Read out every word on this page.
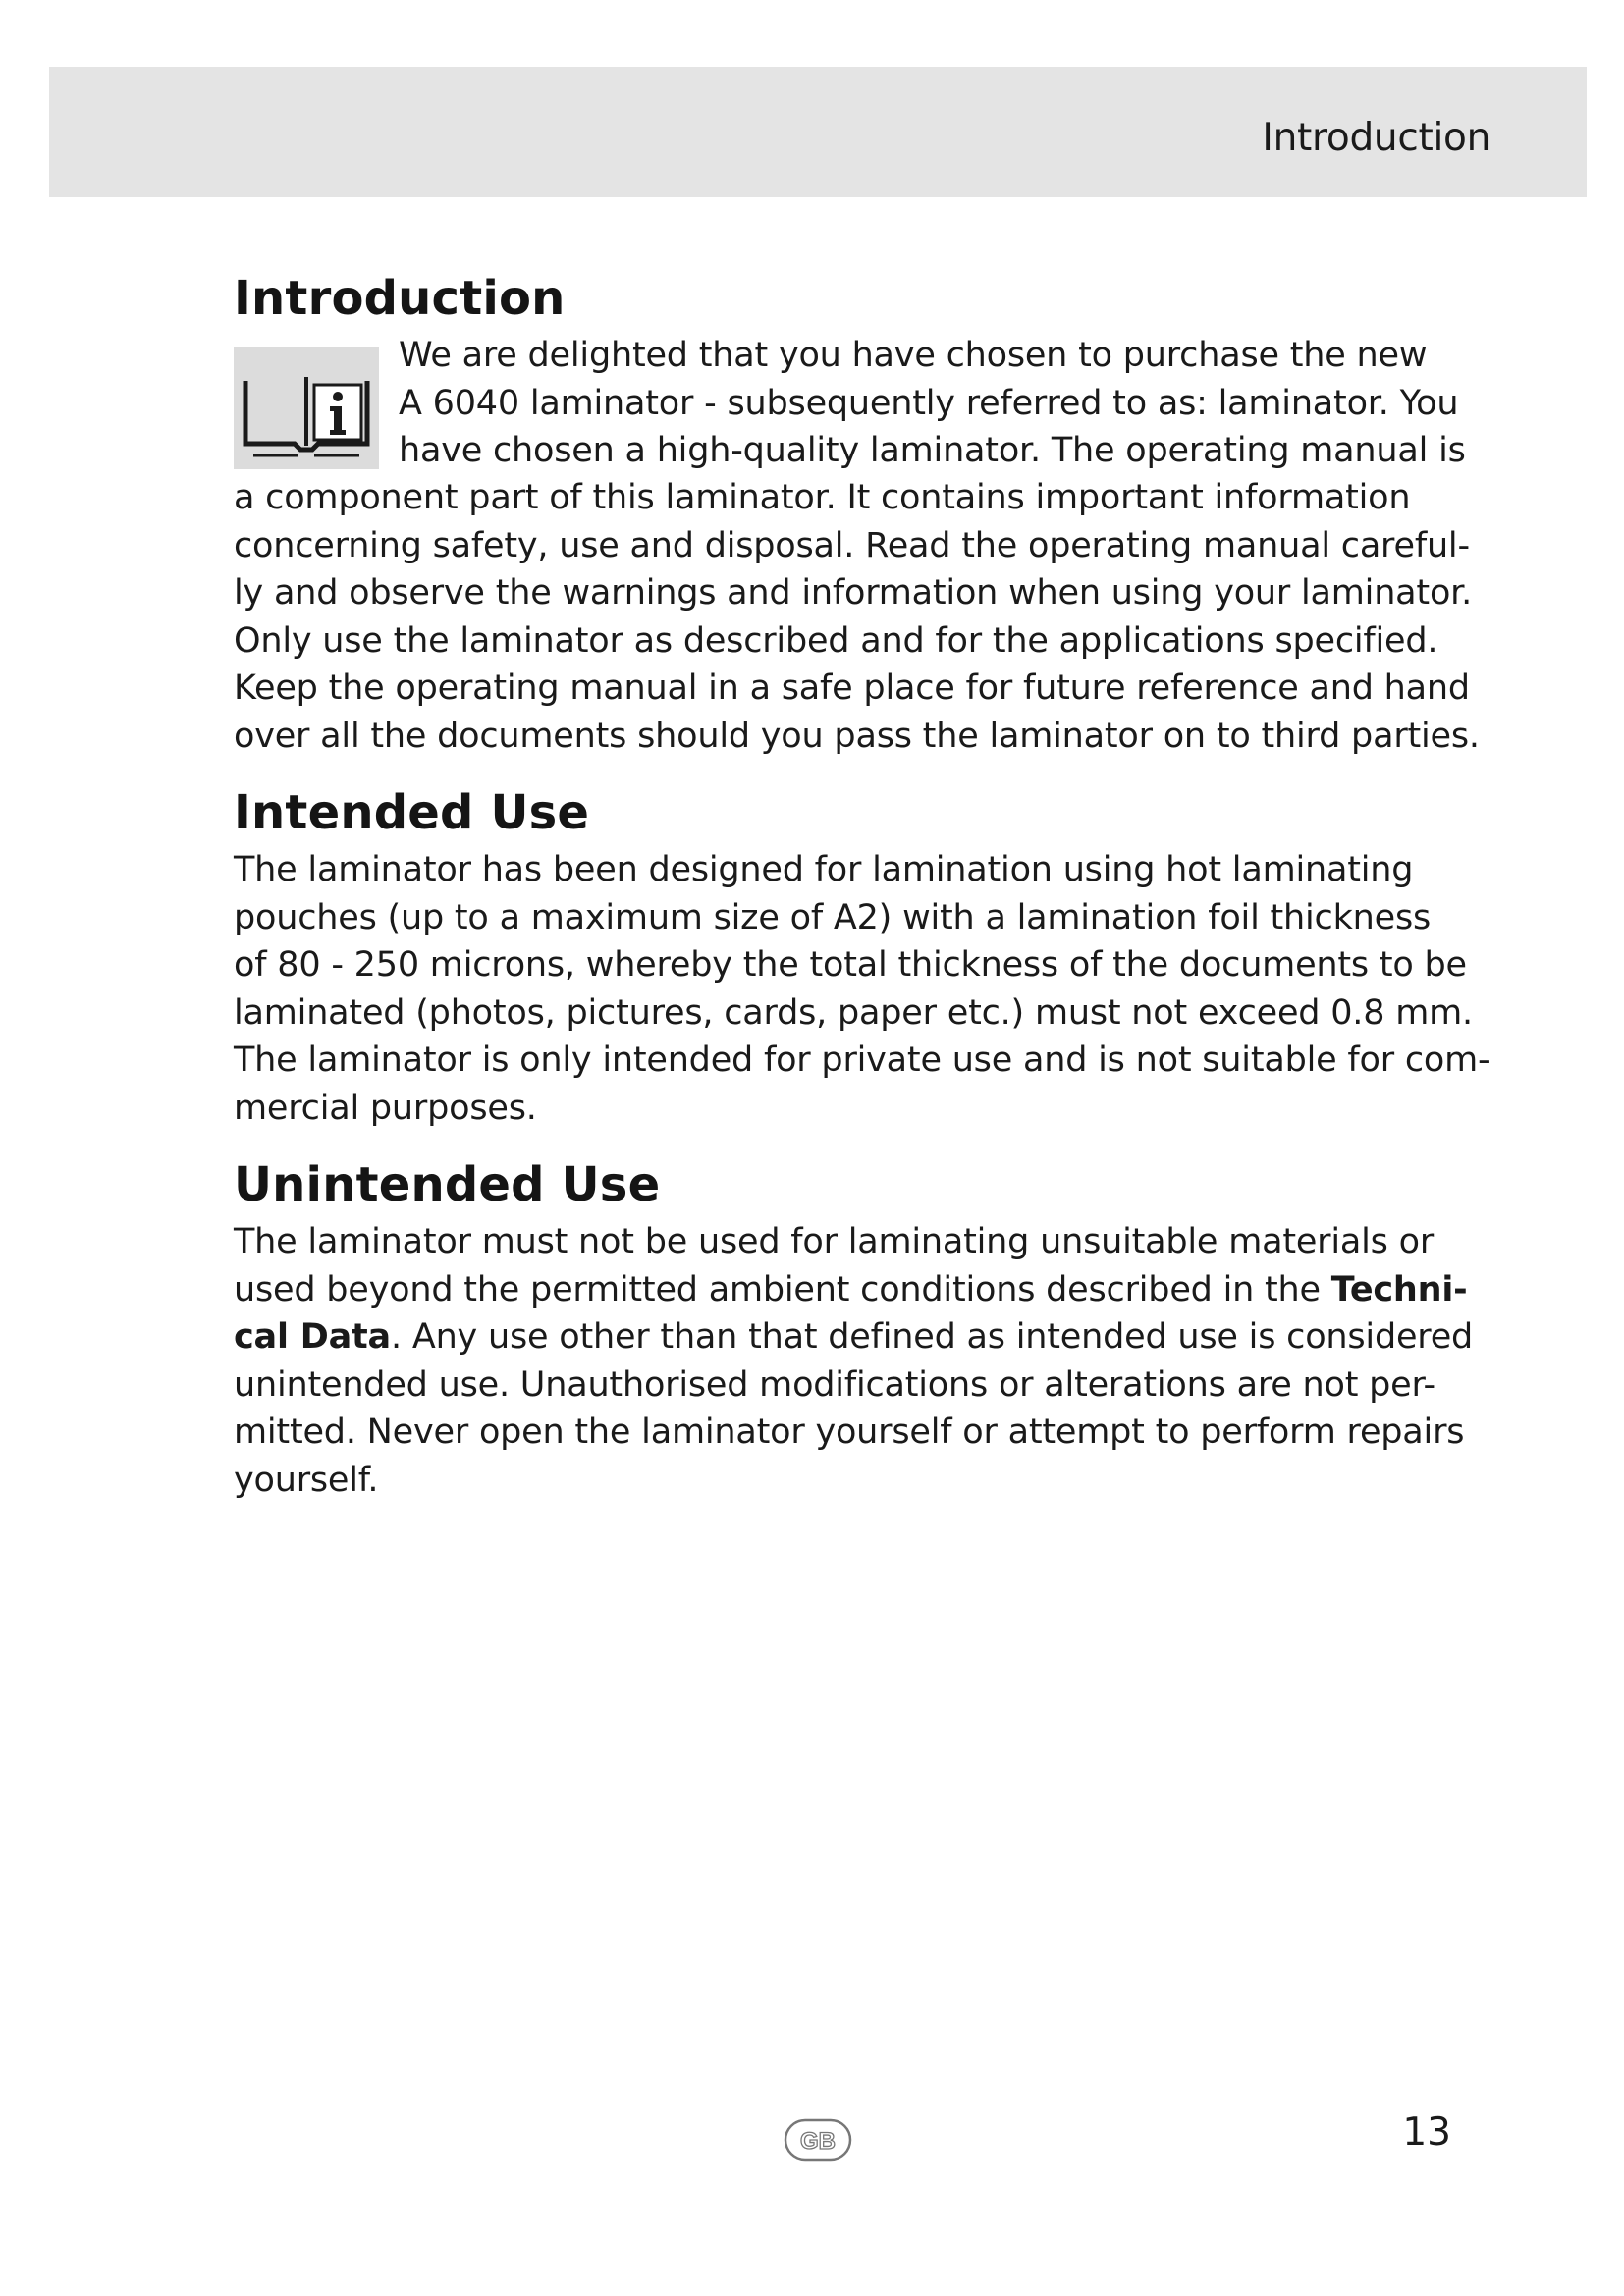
Introduction
Introduction
We are delighted that you have chosen to purchase the new
A 6040 laminator - subsequently referred to as: laminator. You
have chosen a high-quality laminator. The operating manual is
a component part of this laminator. It contains important information
concerning safety, use and disposal. Read the operating manual careful-
ly and observe the warnings and information when using your laminator.
Only use the laminator as described and for the applications specified.
Keep the operating manual in a safe place for future reference and hand
over all the documents should you pass the laminator on to third parties.
Intended Use
The laminator has been designed for lamination using hot laminating
pouches (up to a maximum size of A2) with a lamination foil thickness
of 80 - 250 microns, whereby the total thickness of the documents to be
laminated (photos, pictures, cards, paper etc.) must not exceed 0.8 mm.
The laminator is only intended for private use and is not suitable for com-
mercial purposes.
Unintended Use
The laminator must not be used for laminating unsuitable materials or
used beyond the permitted ambient conditions described in the Techni-
cal Data. Any use other than that defined as intended use is considered
unintended use. Unauthorised modifications or alterations are not per-
mitted. Never open the laminator yourself or attempt to perform repairs
yourself.
GB	13
